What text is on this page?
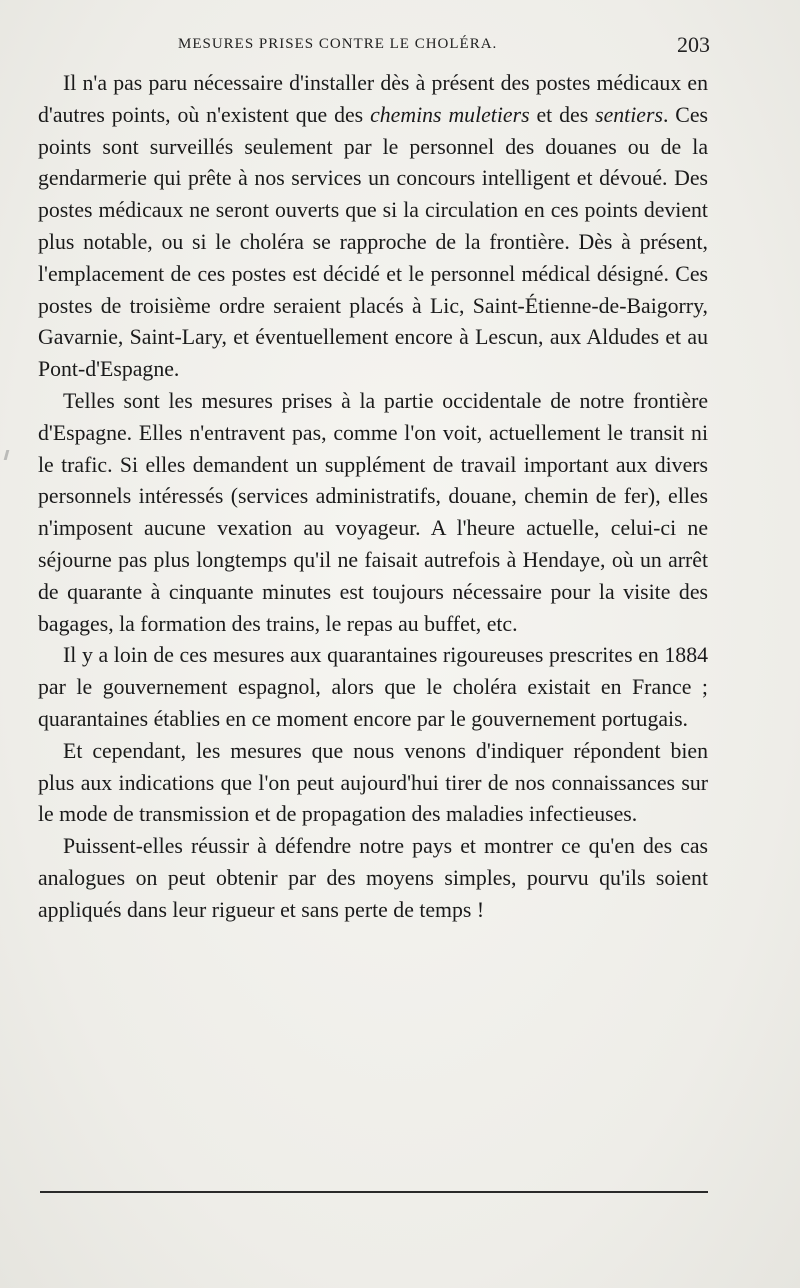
MESURES PRISES CONTRE LE CHOLÉRA.	203

Il n'a pas paru nécessaire d'installer dès à présent des postes médicaux en d'autres points, où n'existent que des chemins muletiers et des sentiers. Ces points sont surveillés seulement par le personnel des douanes ou de la gendarmerie qui prête à nos services un concours intelligent et dévoué. Des postes médicaux ne seront ouverts que si la circulation en ces points devient plus notable, ou si le choléra se rapproche de la frontière. Dès à présent, l'emplacement de ces postes est décidé et le personnel médical désigné. Ces postes de troisième ordre seraient placés à Lic, Saint-Étienne-de-Baigorry, Gavarnie, Saint-Lary, et éventuellement encore à Lescun, aux Aldudes et au Pont-d'Espagne.

Telles sont les mesures prises à la partie occidentale de notre frontière d'Espagne. Elles n'entravent pas, comme l'on voit, actuellement le transit ni le trafic. Si elles demandent un supplément de travail important aux divers personnels intéressés (services administratifs, douane, chemin de fer), elles n'imposent aucune vexation au voyageur. A l'heure actuelle, celui-ci ne séjourne pas plus longtemps qu'il ne faisait autrefois à Hendaye, où un arrêt de quarante à cinquante minutes est toujours nécessaire pour la visite des bagages, la formation des trains, le repas au buffet, etc.

Il y a loin de ces mesures aux quarantaines rigoureuses prescrites en 1884 par le gouvernement espagnol, alors que le choléra existait en France ; quarantaines établies en ce moment encore par le gouvernement portugais.

Et cependant, les mesures que nous venons d'indiquer répondent bien plus aux indications que l'on peut aujourd'hui tirer de nos connaissances sur le mode de transmission et de propagation des maladies infectieuses.

Puissent-elles réussir à défendre notre pays et montrer ce qu'en des cas analogues on peut obtenir par des moyens simples, pourvu qu'ils soient appliqués dans leur rigueur et sans perte de temps !
